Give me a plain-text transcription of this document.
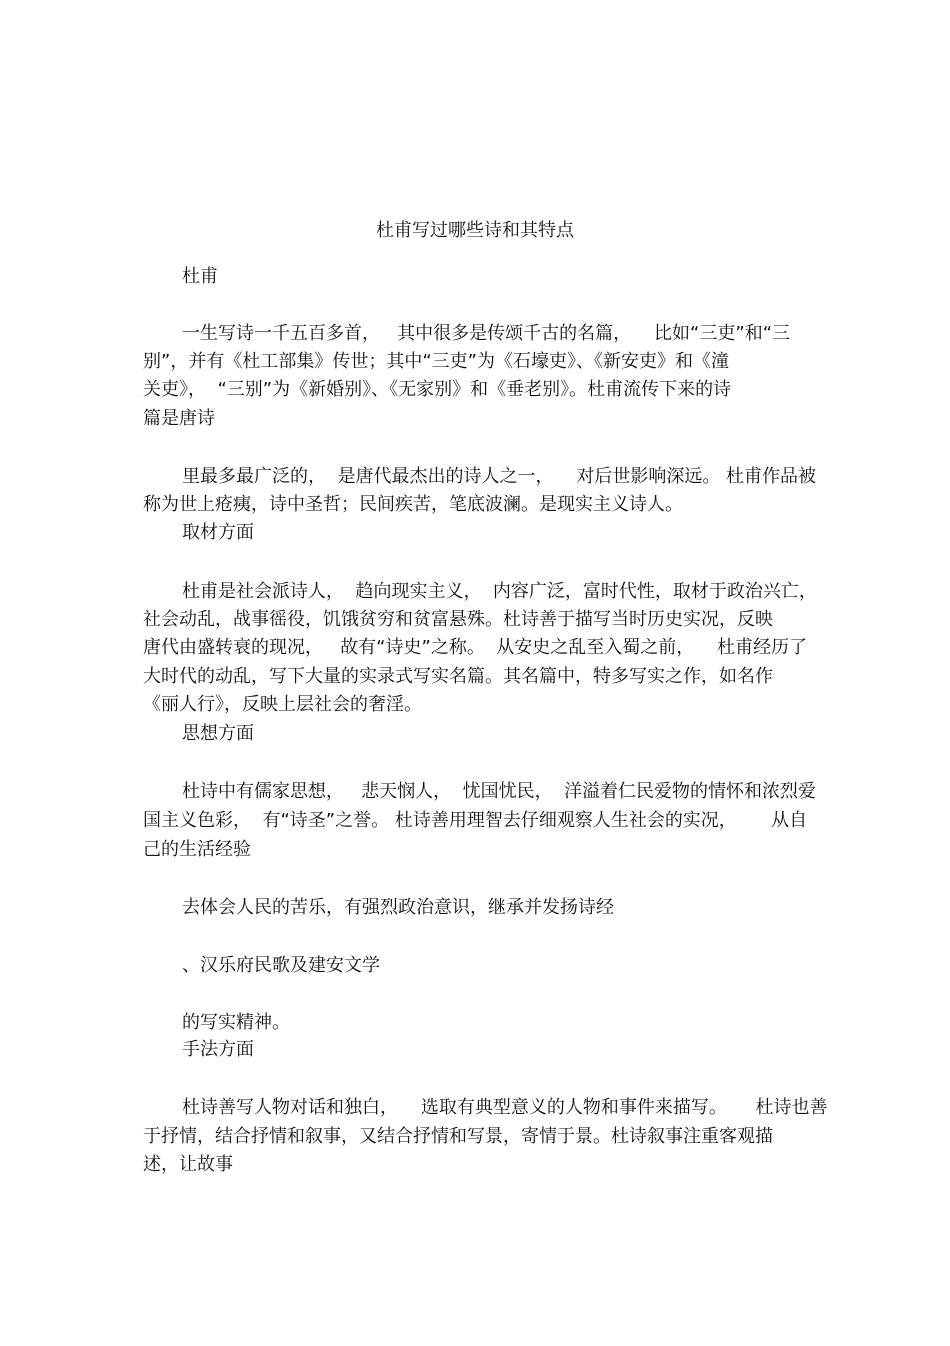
杜甫写过哪些诗和其特点
杜甫
一生写诗一千五百多首，   其中很多是传颂千古的名篇，    比如“三吏”和“三
别”，并有《杜工部集》传世；其中“三吏”为《石壕吏》、《新安吏》和《潼
关吏》，  “三别”为《新婚别》、《无家别》和《垂老别》。杜甫流传下来的诗
篇是唐诗
里最多最广泛的，  是唐代最杰出的诗人之一，    对后世影响深远。 杜甫作品被
称为世上疮痍，诗中圣哲；民间疾苦，笔底波澜。是现实主义诗人。
取材方面
杜甫是社会派诗人，  趋向现实主义，  内容广泛，富时代性，取材于政治兴亡，
社会动乱，战事徭役，饥饿贫穷和贫富悬殊。杜诗善于描写当时历史实况，反映
唐代由盛转衰的现况，   故有“诗史”之称。  从安史之乱至入蜀之前，    杜甫经历了
大时代的动乱，写下大量的实录式写实名篇。其名篇中，特多写实之作，如名作
《丽人行》，反映上层社会的奢淫。
思想方面
杜诗中有儒家思想，   悲天悯人，  忧国忧民，  洋溢着仁民爱物的情怀和浓烈爱
国主义色彩，  有“诗圣”之誉。 杜诗善用理智去仔细观察人生社会的实况，      从自
己的生活经验
去体会人民的苦乐，有强烈政治意识，继承并发扬诗经
、汉乐府民歌及建安文学
的写实精神。
手法方面
杜诗善写人物对话和独白，    选取有典型意义的人物和事件来描写。     杜诗也善
于抒情，结合抒情和叙事，又结合抒情和写景，寄情于景。杜诗叙事注重客观描
述，让故事
